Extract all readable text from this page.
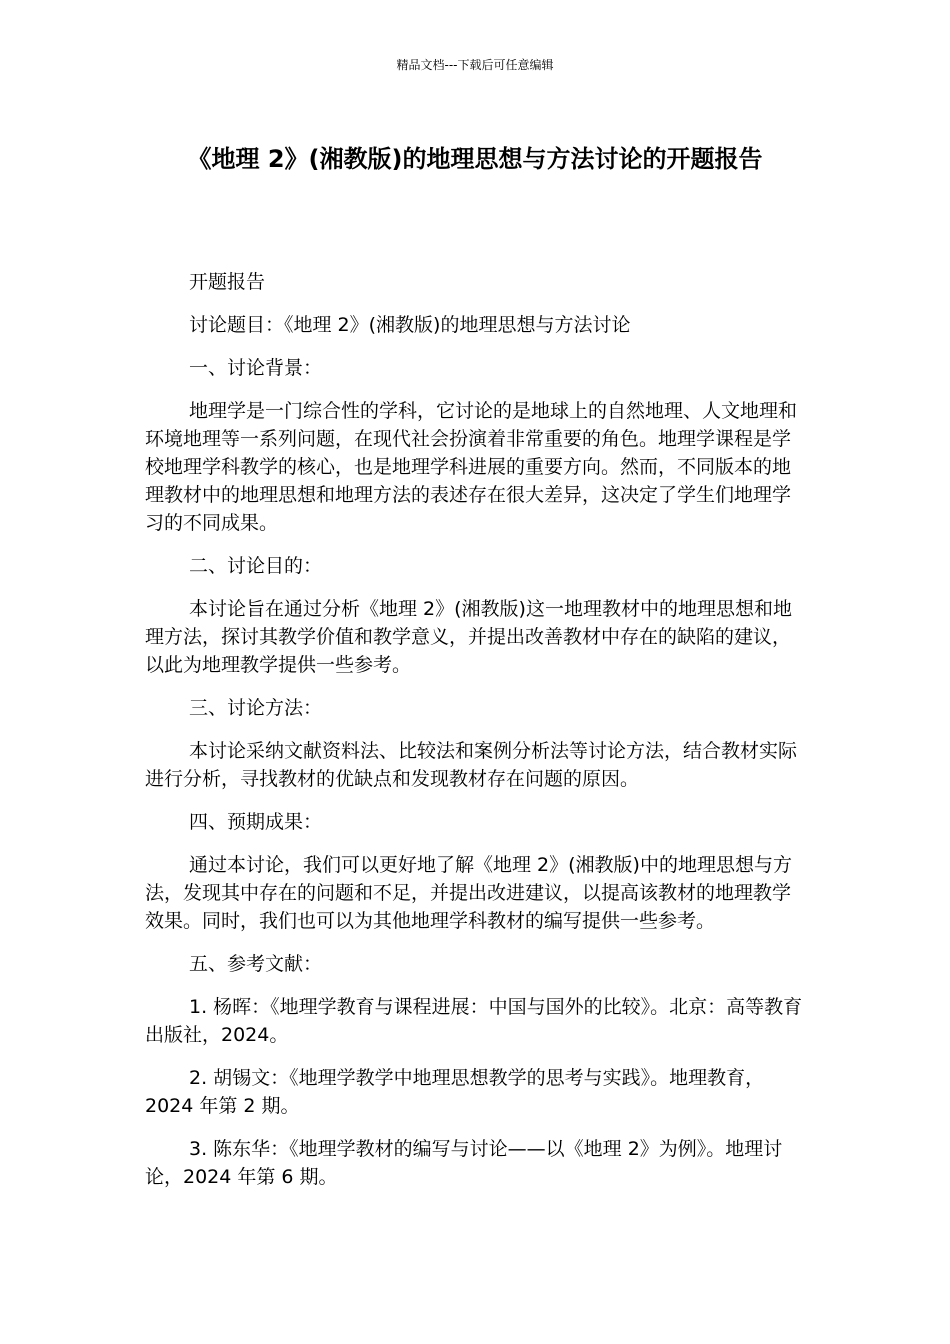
精品文档---下载后可任意编辑
《地理 2》(湘教版)的地理思想与方法讨论的开题报告

开题报告

讨论题目：《地理 2》(湘教版)的地理思想与方法讨论

一、讨论背景：

地理学是一门综合性的学科，它讨论的是地球上的自然地理、人文地理和环境地理等一系列问题，在现代社会扮演着非常重要的角色。地理学课程是学校地理学科教学的核心，也是地理学科进展的重要方向。然而，不同版本的地理教材中的地理思想和地理方法的表述存在很大差异，这决定了学生们地理学习的不同成果。

二、讨论目的：

本讨论旨在通过分析《地理 2》(湘教版)这一地理教材中的地理思想和地理方法，探讨其教学价值和教学意义，并提出改善教材中存在的缺陷的建议，以此为地理教学提供一些参考。

三、讨论方法：

本讨论采纳文献资料法、比较法和案例分析法等讨论方法，结合教材实际进行分析，寻找教材的优缺点和发现教材存在问题的原因。

四、预期成果：

通过本讨论，我们可以更好地了解《地理 2》(湘教版)中的地理思想与方法，发现其中存在的问题和不足，并提出改进建议，以提高该教材的地理教学效果。同时，我们也可以为其他地理学科教材的编写提供一些参考。

五、参考文献：

1. 杨晖：《地理学教育与课程进展：中国与国外的比较》。北京：高等教育出版社，2024。

2. 胡锡文：《地理学教学中地理思想教学的思考与实践》。地理教育，2024 年第 2 期。

3. 陈东华：《地理学教材的编写与讨论——以《地理 2》为例》。地理讨论，2024 年第 6 期。
